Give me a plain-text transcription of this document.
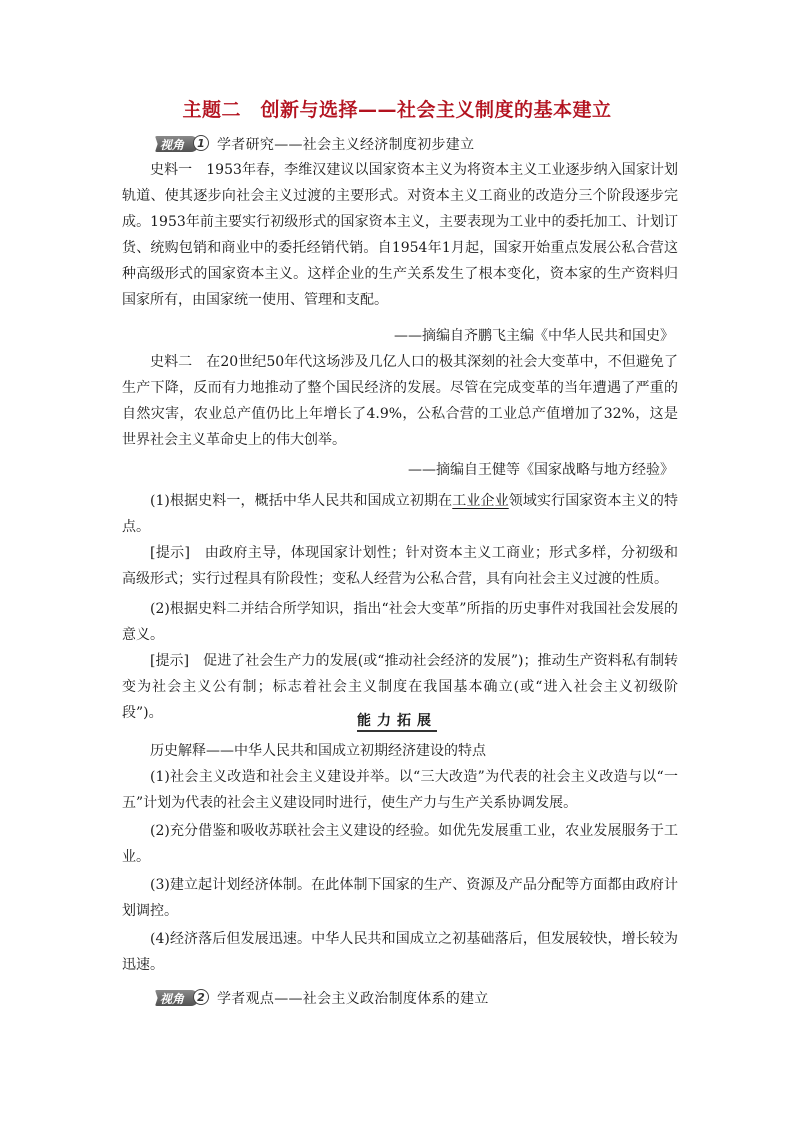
主题二　创新与选择——社会主义制度的基本建立
视角	1 学者研究——社会主义经济制度初步建立

史料一　1953年春，李维汉建议以国家资本主义为将资本主义工业逐步纳入国家计划轨道、使其逐步向社会主义过渡的主要形式。对资本主义工商业的改造分三个阶段逐步完成。1953年前主要实行初级形式的国家资本主义，主要表现为工业中的委托加工、计划订货、统购包销和商业中的委托经销代销。自1954年1月起，国家开始重点发展公私合营这种高级形式的国家资本主义。这样企业的生产关系发生了根本变化，资本家的生产资料归国家所有，由国家统一使用、管理和支配。

——摘编自齐鹏飞主编《中华人民共和国史》

史料二　在20世纪50年代这场涉及几亿人口的极其深刻的社会大变革中，不但避免了生产下降，反而有力地推动了整个国民经济的发展。尽管在完成变革的当年遭遇了严重的自然灾害，农业总产值仍比上年增长了4.9%，公私合营的工业总产值增加了32%，这是世界社会主义革命史上的伟大创举。

——摘编自王健等《国家战略与地方经验》

(1)根据史料一，概括中华人民共和国成立初期在工业企业领域实行国家资本主义的特点。

[提示]　由政府主导，体现国家计划性；针对资本主义工商业；形式多样，分初级和高级形式；实行过程具有阶段性；变私人经营为公私合营，具有向社会主义过渡的性质。

(2)根据史料二并结合所学知识，指出“社会大变革”所指的历史事件对我国社会发展的意义。

[提示]　促进了社会生产力的发展(或“推动社会经济的发展”)；推动生产资料私有制转变为社会主义公有制；标志着社会主义制度在我国基本确立(或“进入社会主义初级阶段”)。	能力拓展

历史解释——中华人民共和国成立初期经济建设的特点

(1)社会主义改造和社会主义建设并举。以“三大改造”为代表的社会主义改造与以“一五”计划为代表的社会主义建设同时进行，使生产力与生产关系协调发展。

(2)充分借鉴和吸收苏联社会主义建设的经验。如优先发展重工业，农业发展服务于工业。

(3)建立起计划经济体制。在此体制下国家的生产、资源及产品分配等方面都由政府计划调控。

(4)经济落后但发展迅速。中华人民共和国成立之初基础落后，但发展较快，增长较为迅速。

视角	2 学者观点——社会主义政治制度体系的建立
